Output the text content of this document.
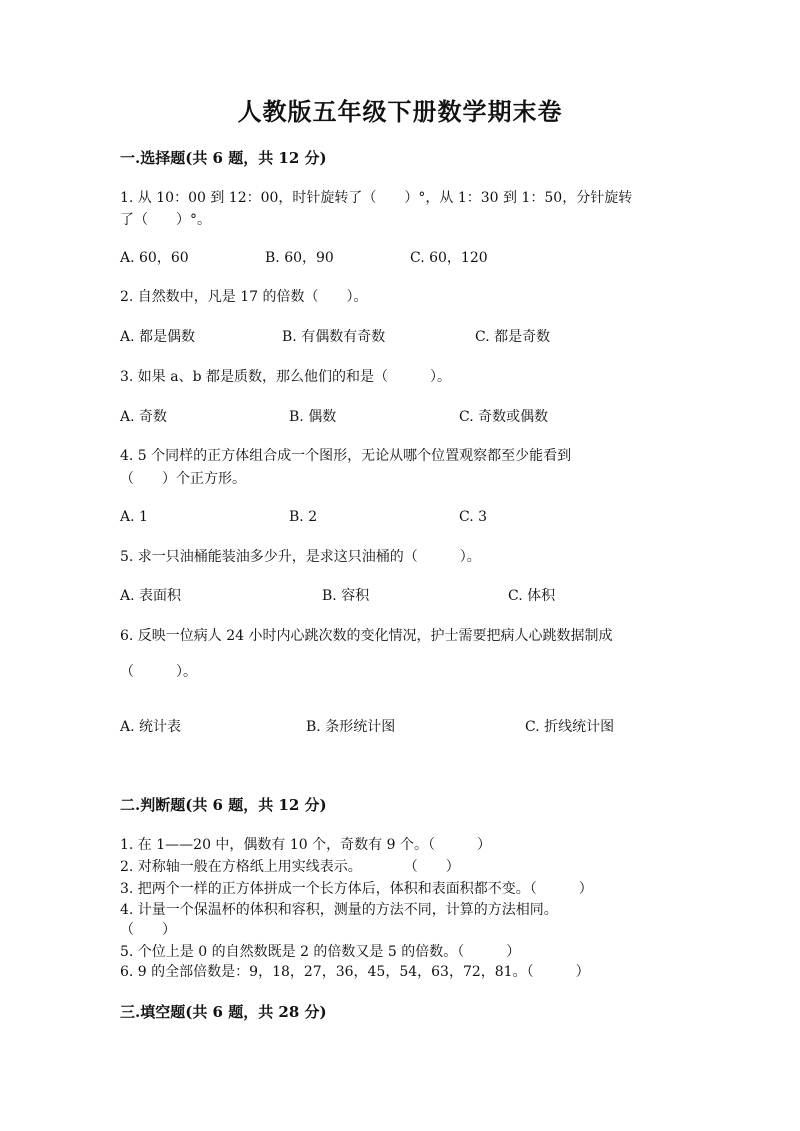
人教版五年级下册数学期末卷
一.选择题(共 6 题，共 12 分)
1. 从 10：00 到 12：00，时针旋转了（　　）°，从 1：30 到 1：50，分针旋转
了（　　）°。
A. 60，60	B. 60，90	C. 60，120
2. 自然数中，凡是 17 的倍数（　　）。
A. 都是偶数	B. 有偶数有奇数	C. 都是奇数
3. 如果 a、b 都是质数，那么他们的和是（　　　）。
A. 奇数	B. 偶数	C. 奇数或偶数
4. 5 个同样的正方体组合成一个图形，无论从哪个位置观察都至少能看到
（　　）个正方形。
A. 1	B. 2	C. 3
5. 求一只油桶能装油多少升，是求这只油桶的（　　　）。
A. 表面积	B. 容积	C. 体积
6. 反映一位病人 24 小时内心跳次数的变化情况，护士需要把病人心跳数据制成
（　　　）。
A. 统计表	B. 条形统计图	C. 折线统计图
二.判断题(共 6 题，共 12 分)
1. 在 1——20 中，偶数有 10 个，奇数有 9 个。（　　　）
2. 对称轴一般在方格纸上用实线表示。　　　　（　　）
3. 把两个一样的正方体拼成一个长方体后，体积和表面积都不变。（　　　）
4. 计量一个保温杯的体积和容积，测量的方法不同，计算的方法相同。
（　　）
5. 个位上是 0 的自然数既是 2 的倍数又是 5 的倍数。（　　　）
6. 9 的全部倍数是：9，18，27，36，45，54，63，72，81。（　　　）
三.填空题(共 6 题，共 28 分)
